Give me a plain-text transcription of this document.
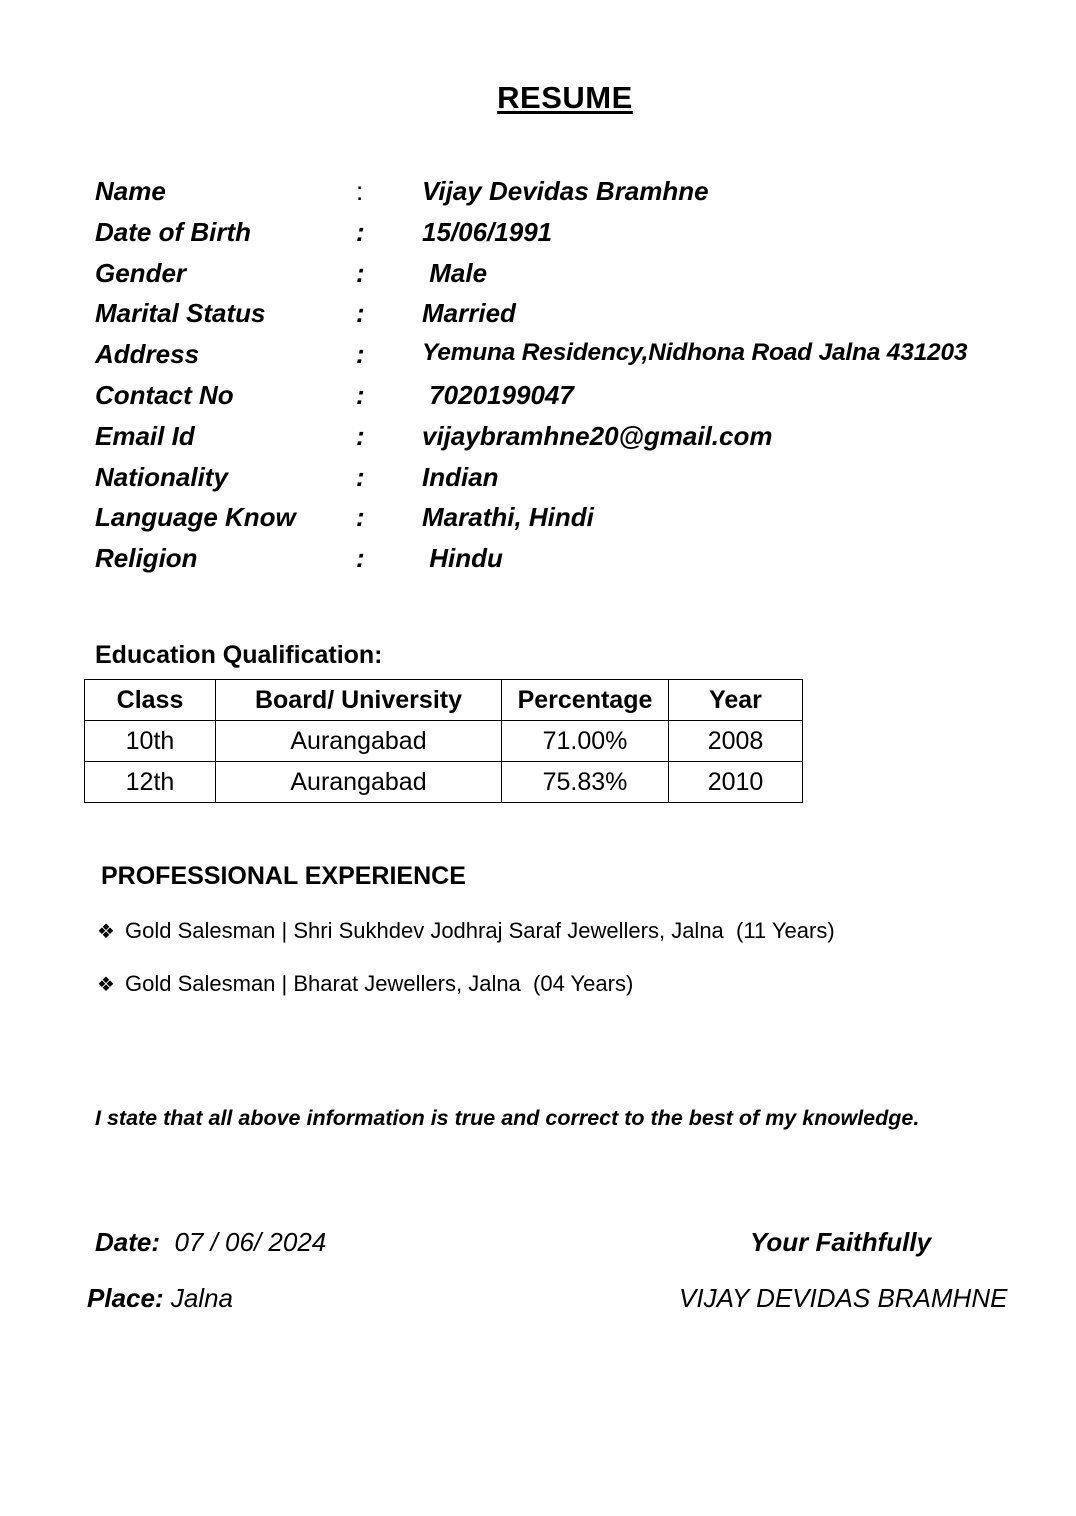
RESUME
Name	: Vijay Devidas Bramhne
Date of Birth	: 15/06/1991
Gender	: Male
Marital Status	: Married
Address	: Yemuna Residency,Nidhona Road Jalna 431203
Contact No	: 7020199047
Email Id	: vijaybramhne20@gmail.com
Nationality	: Indian
Language Know : Marathi, Hindi
Religion	: Hindu
Education Qualification:
Class	Board/ University	Percentage	Year
10th	Aurangabad	71.00%	2008
12th	Aurangabad	75.83%	2010
PROFESSIONAL EXPERIENCE
❖ Gold Salesman | Shri Sukhdev Jodhraj Saraf Jewellers, Jalna  (11 Years)
❖ Gold Salesman | Bharat Jewellers, Jalna  (04 Years)
I state that all above information is true and correct to the best of my knowledge.
Date: 07 / 06/ 2024
Place: Jalna
Your Faithfully
VIJAY DEVIDAS BRAMHNE
